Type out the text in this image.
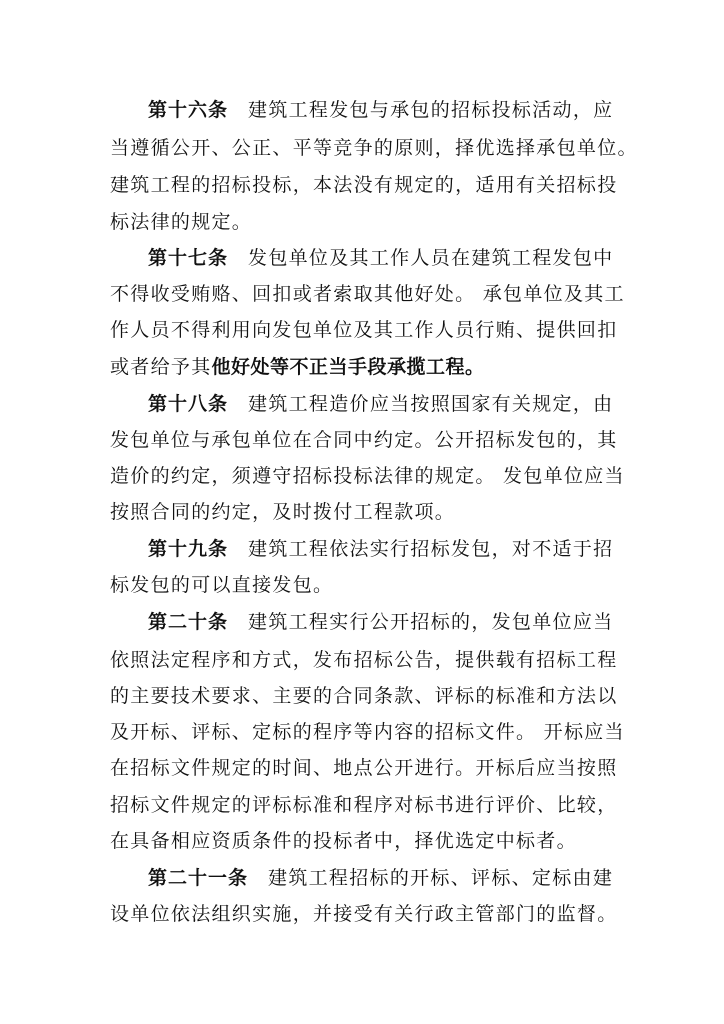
第十六条 建筑工程发包与承包的招标投标活动，应
当遵循公开、公正、平等竞争的原则，择优选择承包单位。
建筑工程的招标投标，本法没有规定的，适用有关招标投
标法律的规定。
第十七条 发包单位及其工作人员在建筑工程发包中
不得收受贿赂、回扣或者索取其他好处。 承包单位及其工
作人员不得利用向发包单位及其工作人员行贿、提供回扣
或者给予其他好处等不正当手段承揽工程。
第十八条 建筑工程造价应当按照国家有关规定，由
发包单位与承包单位在合同中约定。公开招标发包的，其
造价的约定，须遵守招标投标法律的规定。 发包单位应当
按照合同的约定，及时拨付工程款项。
第十九条 建筑工程依法实行招标发包，对不适于招
标发包的可以直接发包。
第二十条 建筑工程实行公开招标的，发包单位应当
依照法定程序和方式，发布招标公告，提供载有招标工程
的主要技术要求、主要的合同条款、评标的标准和方法以
及开标、评标、定标的程序等内容的招标文件。 开标应当
在招标文件规定的时间、地点公开进行。开标后应当按照
招标文件规定的评标标准和程序对标书进行评价、比较，
在具备相应资质条件的投标者中，择优选定中标者。
第二十一条 建筑工程招标的开标、评标、定标由建
设单位依法组织实施，并接受有关行政主管部门的监督。
